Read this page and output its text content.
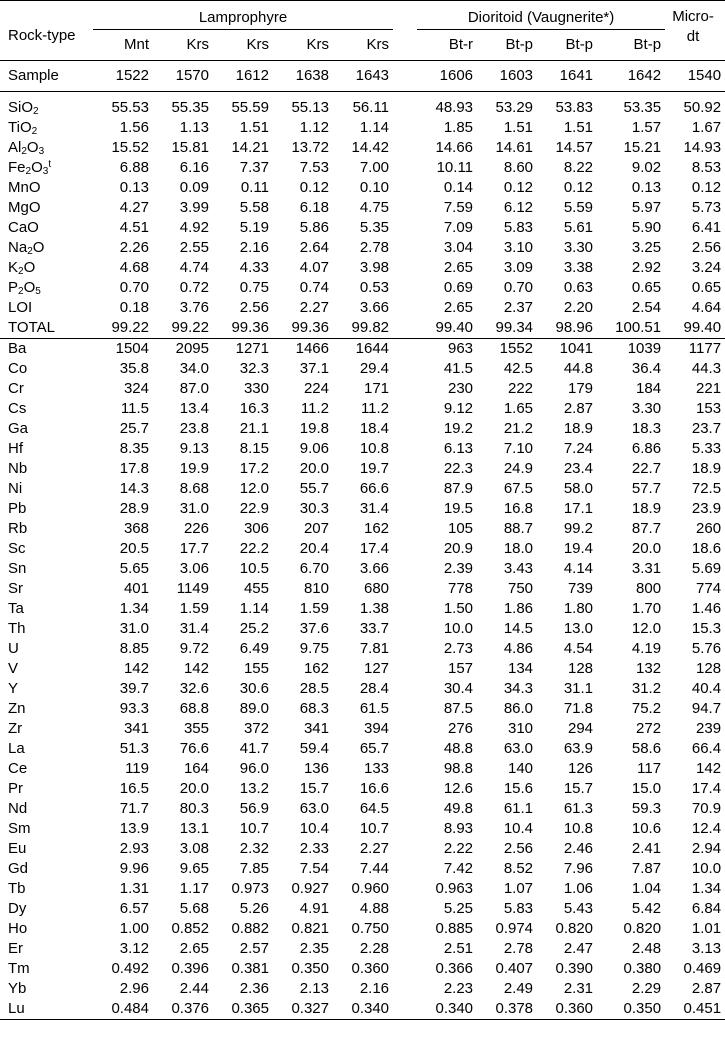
Rock-type	Lamprophyre						Dioritoid (Vaugnerite*)				Micro-
dt
	Mnt	Krs	Krs	Krs	Krs		Bt-r	Bt-p	Bt-p	Bt-p	
Sample	1522	1570	1612	1638	1643		1606	1603	1641	1642	1540
SiO$_2$	55.53	55.35	55.59	55.13	56.11		48.93	53.29	53.83	53.35	50.92
TiO$_2$	1.56	1.13	1.51	1.12	1.14		1.85	1.51	1.51	1.57	1.67
$Al_2O_3$	15.52	15.81	14.21	13.72	14.42		14.66	14.61	14.57	15.21	14.93
$Fe_2O_3^t$	6.88	6.16	7.37	7.53	7.00		10.11	8.60	8.22	9.02	8.53
MnO	0.13	0.09	0.11	0.12	0.10		0.14	0.12	0.12	0.13	0.12
MgO	4.27	3.99	5.58	6.18	4.75		7.59	6.12	5.59	5.97	5.73
CaO	4.51	4.92	5.19	5.86	5.35		7.09	5.83	5.61	5.90	6.41
$Na_2O$	2.26	2.55	2.16	2.64	2.78		3.04	3.10	3.30	3.25	2.56
$K_2O$	4.68	4.74	4.33	4.07	3.98		2.65	3.09	3.38	2.92	3.24
$P_2O_5$	0.70	0.72	0.75	0.74	0.53		0.69	0.70	0.63	0.65	0.65
LOI	0.18	3.76	2.56	2.27	3.66		2.65	2.37	2.20	2.54	4.64
TOTAL	99.22	99.22	99.36	99.36	99.82		99.40	99.34	98.96	100.51	99.40
Ba	1504	2095	1271	1466	1644		963	1552	1041	1039	1177
Co	35.8	34.0	32.3	37.1	29.4		41.5	42.5	44.8	36.4	44.3
Cr	324	87.0	330	224	171		230	222	179	184	221
Cs	11.5	13.4	16.3	11.2	11.2		9.12	1.65	2.87	3.30	153
Ga	25.7	23.8	21.1	19.8	18.4		19.2	21.2	18.9	18.3	23.7
Hf	8.35	9.13	8.15	9.06	10.8		6.13	7.10	7.24	6.86	5.33
Nb	17.8	19.9	17.2	20.0	19.7		22.3	24.9	23.4	22.7	18.9
Ni	14.3	8.68	12.0	55.7	66.6		87.9	67.5	58.0	57.7	72.5
Pb	28.9	31.0	22.9	30.3	31.4		19.5	16.8	17.1	18.9	23.9
Rb	368	226	306	207	162		105	88.7	99.2	87.7	260
Sc	20.5	17.7	22.2	20.4	17.4		20.9	18.0	19.4	20.0	18.6
Sn	5.65	3.06	10.5	6.70	3.66		2.39	3.43	4.14	3.31	5.69
Sr	401	1149	455	810	680		778	750	739	800	774
Ta	1.34	1.59	1.14	1.59	1.38		1.50	1.86	1.80	1.70	1.46
Th	31.0	31.4	25.2	37.6	33.7		10.0	14.5	13.0	12.0	15.3
U	8.85	9.72	6.49	9.75	7.81		2.73	4.86	4.54	4.19	5.76
V	142	142	155	162	127		157	134	128	132	128
Y	39.7	32.6	30.6	28.5	28.4		30.4	34.3	31.1	31.2	40.4
Zn	93.3	68.8	89.0	68.3	61.5		87.5	86.0	71.8	75.2	94.7
Zr	341	355	372	341	394		276	310	294	272	239
La	51.3	76.6	41.7	59.4	65.7		48.8	63.0	63.9	58.6	66.4
Ce	119	164	96.0	136	133		98.8	140	126	117	142
Pr	16.5	20.0	13.2	15.7	16.6		12.6	15.6	15.7	15.0	17.4
Nd	71.7	80.3	56.9	63.0	64.5		49.8	61.1	61.3	59.3	70.9
Sm	13.9	13.1	10.7	10.4	10.7		8.93	10.4	10.8	10.6	12.4
Eu	2.93	3.08	2.32	2.33	2.27		2.22	2.56	2.46	2.41	2.94
Gd	9.96	9.65	7.85	7.54	7.44		7.42	8.52	7.96	7.87	10.0
Tb	1.31	1.17	0.973	0.927	0.960		0.963	1.07	1.06	1.04	1.34
Dy	6.57	5.68	5.26	4.91	4.88		5.25	5.83	5.43	5.42	6.84
Ho	1.00	0.852	0.882	0.821	0.750		0.885	0.974	0.820	0.820	1.01
Er	3.12	2.65	2.57	2.35	2.28		2.51	2.78	2.47	2.48	3.13
Tm	0.492	0.396	0.381	0.350	0.360		0.366	0.407	0.390	0.380	0.469
Yb	2.96	2.44	2.36	2.13	2.16		2.23	2.49	2.31	2.29	2.87
Lu	0.484	0.376	0.365	0.327	0.340		0.340	0.378	0.360	0.350	0.451
